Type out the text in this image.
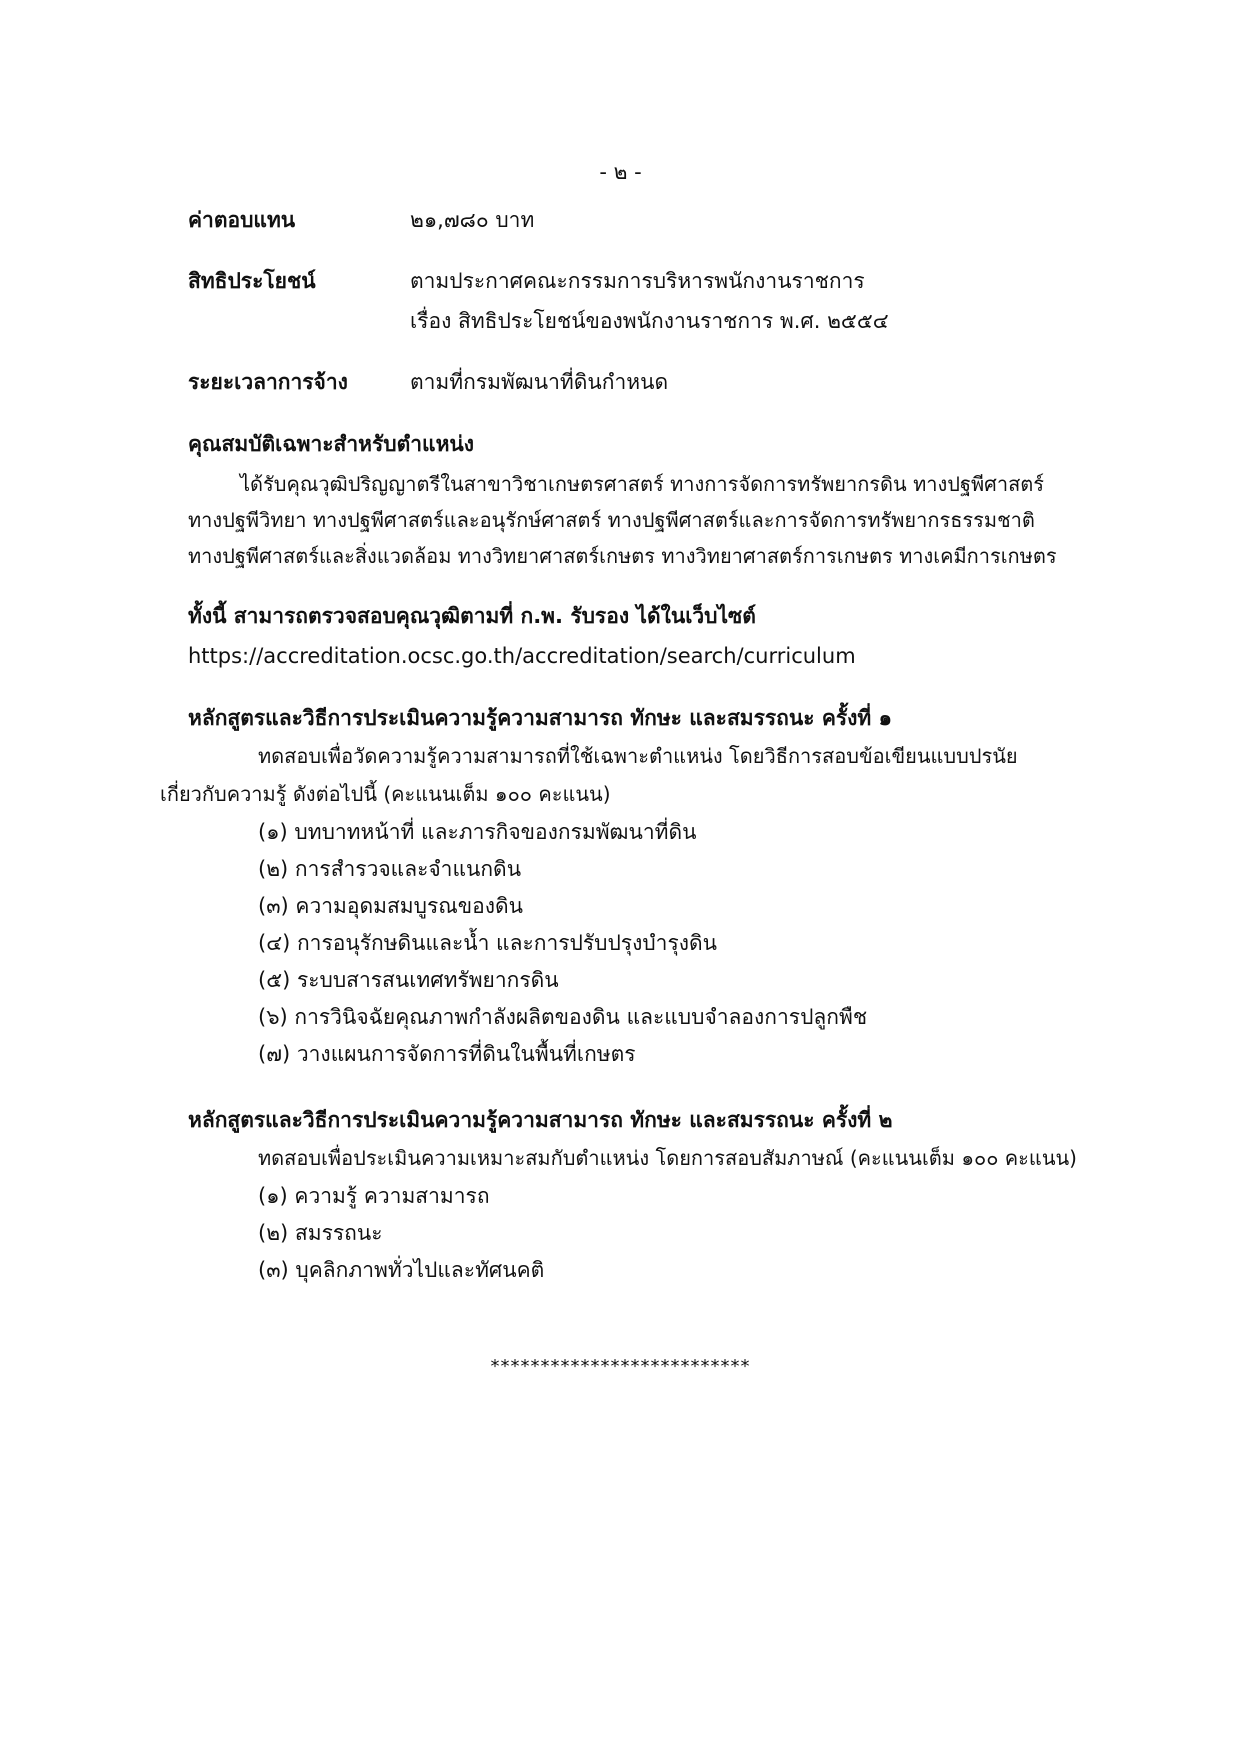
- ๒ -
ค่าตอบแทน	๒๑,๗๘๐ บาท
สิทธิประโยชน์	ตามประกาศคณะกรรมการบริหารพนักงานราชการ
เรื่อง สิทธิประโยชน์ของพนักงานราชการ พ.ศ. ๒๕๕๔
ระยะเวลาการจ้าง	ตามที่กรมพัฒนาที่ดินกำหนด
คุณสมบัติเฉพาะสำหรับตำแหน่ง
ได้รับคุณวุฒิปริญญาตรีในสาขาวิชาเกษตรศาสตร์ ทางการจัดการทรัพยากรดิน ทางปฐพีศาสตร์
ทางปฐพีวิทยา ทางปฐพีศาสตร์และอนุรักษ์ศาสตร์ ทางปฐพีศาสตร์และการจัดการทรัพยากรธรรมชาติ
ทางปฐพีศาสตร์และสิ่งแวดล้อม ทางวิทยาศาสตร์เกษตร ทางวิทยาศาสตร์การเกษตร ทางเคมีการเกษตร
ทั้งนี้ สามารถตรวจสอบคุณวุฒิตามที่ ก.พ. รับรอง ได้ในเว็บไซต์
https://accreditation.ocsc.go.th/accreditation/search/curriculum
หลักสูตรและวิธีการประเมินความรู้ความสามารถ ทักษะ และสมรรถนะ ครั้งที่ ๑
ทดสอบเพื่อวัดความรู้ความสามารถที่ใช้เฉพาะตำแหน่ง โดยวิธีการสอบข้อเขียนแบบปรนัย
เกี่ยวกับความรู้ ดังต่อไปนี้ (คะแนนเต็ม ๑๐๐ คะแนน)
(๑) บทบาทหน้าที่ และภารกิจของกรมพัฒนาที่ดิน
(๒) การสำรวจและจำแนกดิน
(๓) ความอุดมสมบูรณของดิน
(๔) การอนุรักษดินและน้ำ และการปรับปรุงบำรุงดิน
(๕) ระบบสารสนเทศทรัพยากรดิน
(๖) การวินิจฉัยคุณภาพกำลังผลิตของดิน และแบบจำลองการปลูกพืช
(๗) วางแผนการจัดการที่ดินในพื้นที่เกษตร
หลักสูตรและวิธีการประเมินความรู้ความสามารถ ทักษะ และสมรรถนะ ครั้งที่ ๒
ทดสอบเพื่อประเมินความเหมาะสมกับตำแหน่ง โดยการสอบสัมภาษณ์ (คะแนนเต็ม ๑๐๐ คะแนน)
(๑) ความรู้ ความสามารถ
(๒) สมรรถนะ
(๓) บุคลิกภาพทั่วไปและทัศนคติ
**************************
